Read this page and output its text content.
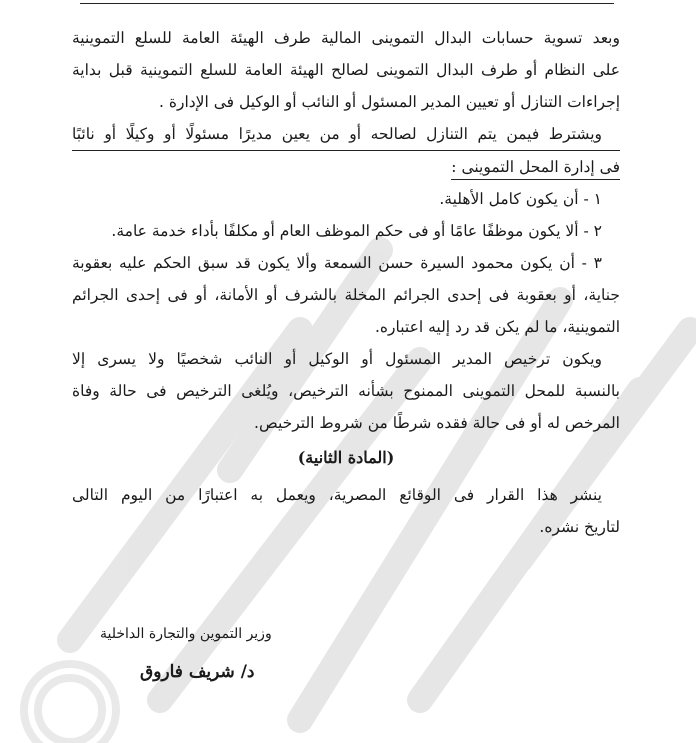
وبعد تسوية حسابات البدال التموينى المالية طرف الهيئة العامة للسلع التموينية
على النظام أو طرف البدال التموينى لصالح الهيئة العامة للسلع التموينية قبل بداية
إجراءات التنازل أو تعيين المدير المسئول أو النائب أو الوكيل فى الإدارة .
ويشترط فيمن يتم التنازل لصالحه أو من يعين مديرًا مسئولًا أو وكيلًا أو نائبًا
فى إدارة المحل التموينى :
١ - أن يكون كامل الأهلية.
٢ - ألا يكون موظفًا عامًا أو فى حكم الموظف العام أو مكلفًا بأداء خدمة عامة.
٣ - أن يكون محمود السيرة حسن السمعة وألا يكون قد سبق الحكم عليه بعقوبة
جناية، أو بعقوبة فى إحدى الجرائم المخلة بالشرف أو الأمانة، أو فى إحدى الجرائم
التموينية، ما لم يكن قد رد إليه اعتباره.
ويكون ترخيص المدير المسئول أو الوكيل أو النائب شخصيًا ولا يسرى إلا
بالنسبة للمحل التموينى الممنوح بشأنه الترخيص، ويُلغى الترخيص فى حالة وفاة
المرخص له أو فى حالة فقده شرطًا من شروط الترخيص.
(المادة الثانية)
ينشر هذا القرار فى الوقائع المصرية، ويعمل به اعتبارًا من اليوم التالى
لتاريخ نشره.
وزير التموين والتجارة الداخلية
د/ شريف فاروق
